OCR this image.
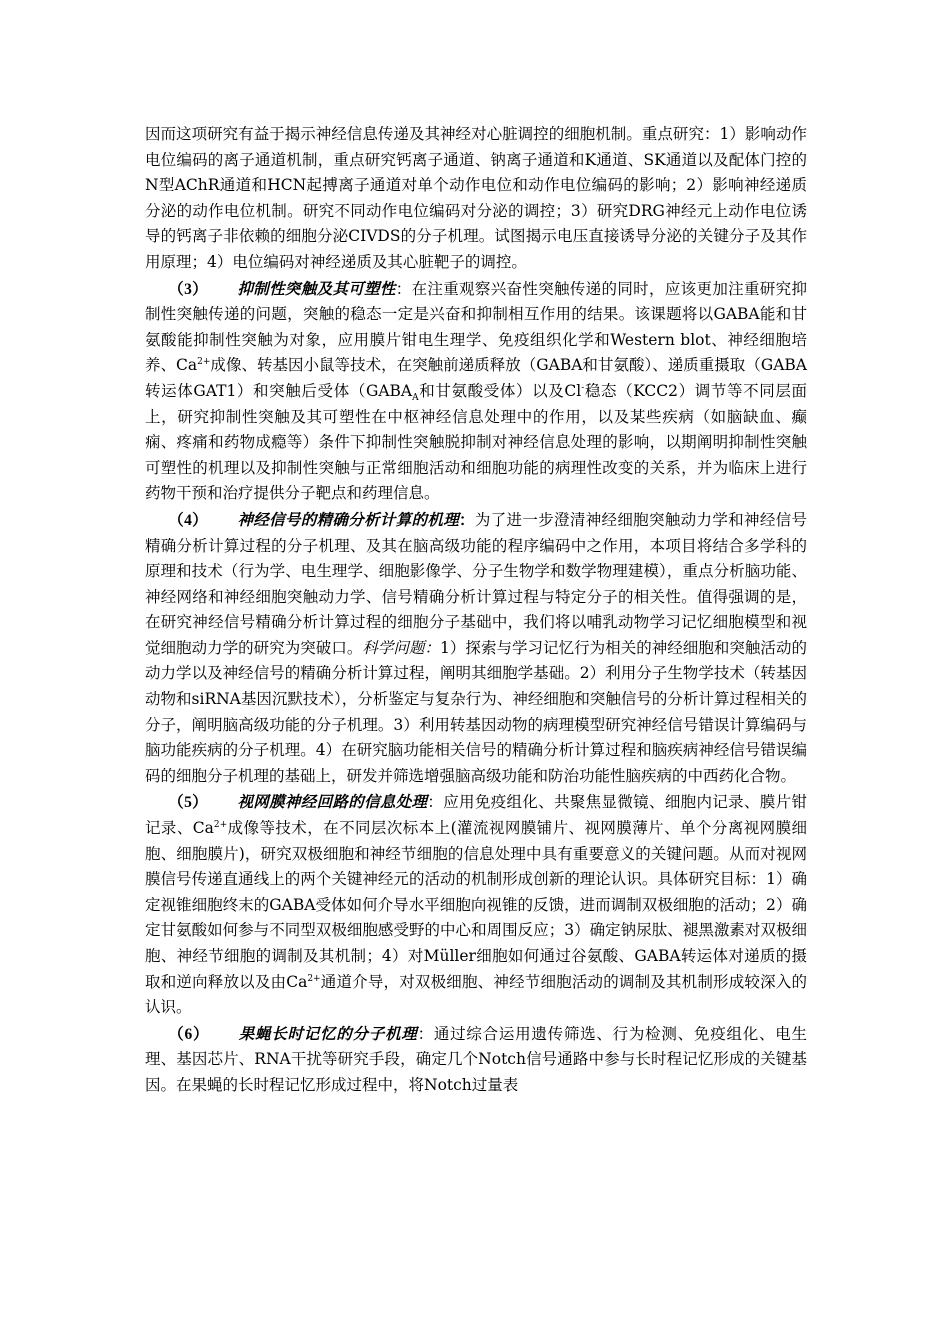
因而这项研究有益于揭示神经信息传递及其神经对心脏调控的细胞机制。重点研究：1）影响动作电位编码的离子通道机制，重点研究钙离子通道、钠离子通道和K通道、SK通道以及配体门控的N型AChR通道和HCN起搏离子通道对单个动作电位和动作电位编码的影响；2）影响神经递质分泌的动作电位机制。研究不同动作电位编码对分泌的调控；3）研究DRG神经元上动作电位诱导的钙离子非依赖的细胞分泌CIVDS的分子机理。试图揭示电压直接诱导分泌的关键分子及其作用原理；4）电位编码对神经递质及其心脏靶子的调控。

（3） 抑制性突触及其可塑性：在注重观察兴奋性突触传递的同时，应该更加注重研究抑制性突触传递的问题，突触的稳态一定是兴奋和抑制相互作用的结果。该课题将以GABA能和甘氨酸能抑制性突触为对象，应用膜片钳电生理学、免疫组织化学和Western blot、神经细胞培养、$Ca^{2+}$成像、转基因小鼠等技术，在突触前递质释放（GABA和甘氨酸）、递质重摄取（GABA转运体GAT1）和突触后受体（$GABA_A$和甘氨酸受体）以及Cl-稳态（KCC2）调节等不同层面上，研究抑制性突触及其可塑性在中枢神经信息处理中的作用，以及某些疾病（如脑缺血、癫痫、疼痛和药物成瘾等）条件下抑制性突触脱抑制对神经信息处理的影响，以期阐明抑制性突触可塑性的机理以及抑制性突触与正常细胞活动和细胞功能的病理性改变的关系，并为临床上进行药物干预和治疗提供分子靶点和药理信息。

（4） 神经信号的精确分析计算的机理：为了进一步澄清神经细胞突触动力学和神经信号精确分析计算过程的分子机理、及其在脑高级功能的程序编码中之作用，本项目将结合多学科的原理和技术（行为学、电生理学、细胞影像学、分子生物学和数学物理建模），重点分析脑功能、神经网络和神经细胞突触动力学、信号精确分析计算过程与特定分子的相关性。值得强调的是，在研究神经信号精确分析计算过程的细胞分子基础中，我们将以哺乳动物学习记忆细胞模型和视觉细胞动力学的研究为突破口。科学问题：1）探索与学习记忆行为相关的神经细胞和突触活动的动力学以及神经信号的精确分析计算过程，阐明其细胞学基础。2）利用分子生物学技术（转基因动物和siRNA基因沉默技术），分析鉴定与复杂行为、神经细胞和突触信号的分析计算过程相关的分子，阐明脑高级功能的分子机理。3）利用转基因动物的病理模型研究神经信号错误计算编码与脑功能疾病的分子机理。4）在研究脑功能相关信号的精确分析计算过程和脑疾病神经信号错误编码的细胞分子机理的基础上，研发并筛选增强脑高级功能和防治功能性脑疾病的中西药化合物。

（5） 视网膜神经回路的信息处理：应用免疫组化、共聚焦显微镜、细胞内记录、膜片钳记录、$Ca^{2+}$成像等技术，在不同层次标本上(灌流视网膜铺片、视网膜薄片、单个分离视网膜细胞、细胞膜片)，研究双极细胞和神经节细胞的信息处理中具有重要意义的关键问题。从而对视网膜信号传递直通线上的两个关键神经元的活动的机制形成创新的理论认识。具体研究目标：1）确定视锥细胞终末的GABA受体如何介导水平细胞向视锥的反馈，进而调制双极细胞的活动；2）确定甘氨酸如何参与不同型双极细胞感受野的中心和周围反应；3）确定钠尿肽、褪黑激素对双极细胞、神经节细胞的调制及其机制；4）对Müller细胞如何通过谷氨酸、GABA转运体对递质的摄取和逆向释放以及由$Ca^{2+}$通道介导，对双极细胞、神经节细胞活动的调制及其机制形成较深入的认识。

（6） 果蝇长时记忆的分子机理：通过综合运用遗传筛选、行为检测、免疫组化、电生理、基因芯片、RNA干扰等研究手段，确定几个Notch信号通路中参与长时程记忆形成的关键基因。在果蝇的长时程记忆形成过程中，将Notch过量表
